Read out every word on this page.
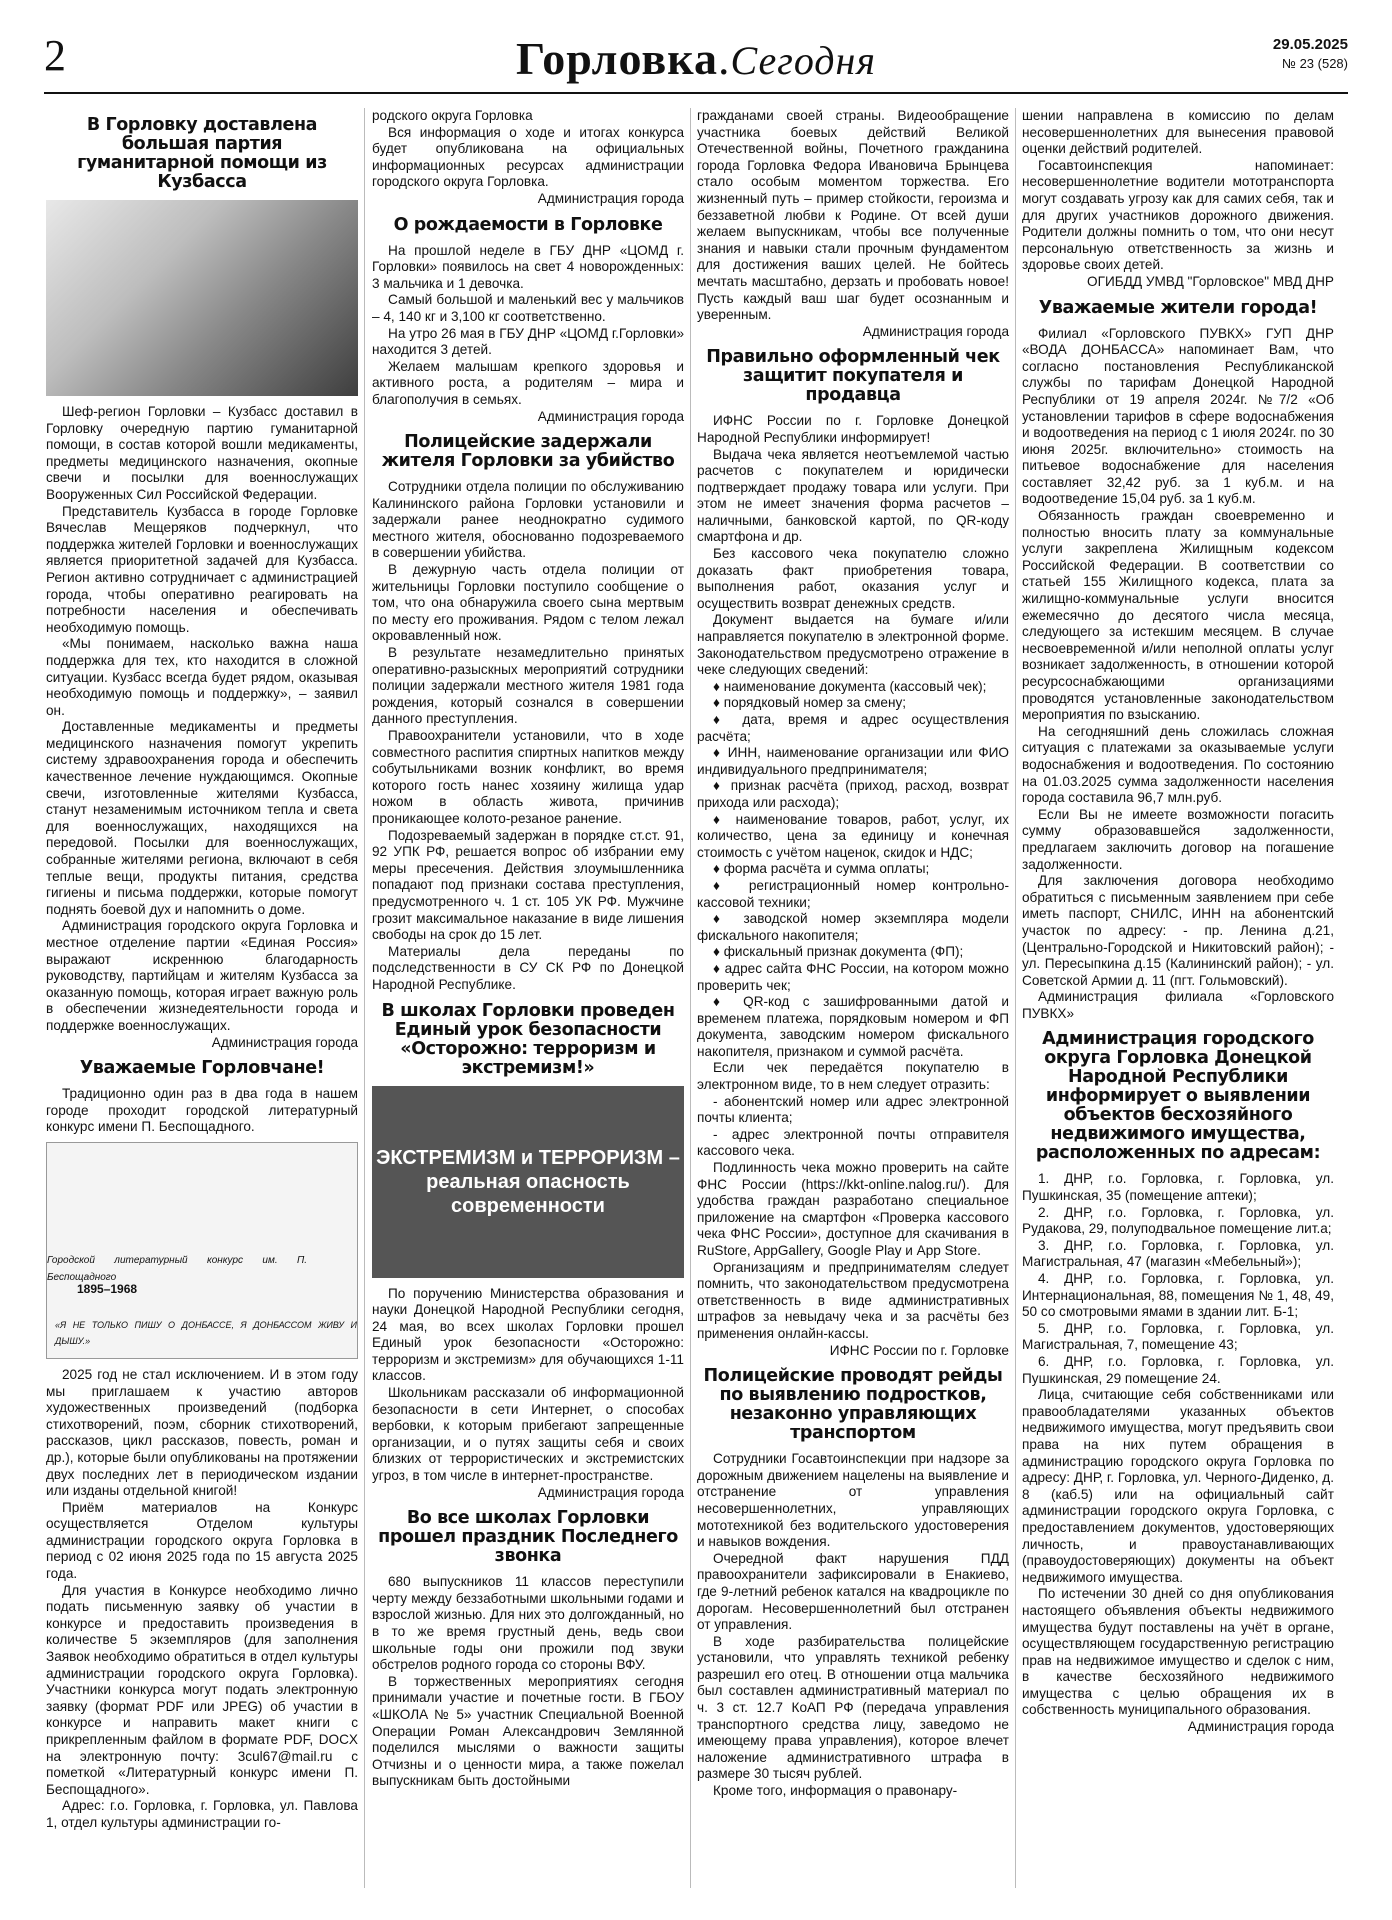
2	Горловка.Сегодня	29.05.2025
№ 23 (528)
В Горловку доставлена большая партия гуманитарной помощи из Кузбасса

Шеф-регион Горловки – Кузбасс доставил в Горловку очередную партию гуманитарной помощи, в состав которой вошли медикаменты, предметы медицинского назначения, окопные свечи и посылки для военнослужащих Вооруженных Сил Российской Федерации.

Представитель Кузбасса в городе Горловке Вячеслав Мещеряков подчеркнул, что поддержка жителей Горловки и военнослужащих является приоритетной задачей для Кузбасса. Регион активно сотрудничает с администрацией города, чтобы оперативно реагировать на потребности населения и обеспечивать необходимую помощь.

«Мы понимаем, насколько важна наша поддержка для тех, кто находится в сложной ситуации. Кузбасс всегда будет рядом, оказывая необходимую помощь и поддержку», – заявил он.

Доставленные медикаменты и предметы медицинского назначения помогут укрепить систему здравоохранения города и обеспечить качественное лечение нуждающимся. Окопные свечи, изготовленные жителями Кузбасса, станут незаменимым источником тепла и света для военнослужащих, находящихся на передовой. Посылки для военнослужащих, собранные жителями региона, включают в себя теплые вещи, продукты питания, средства гигиены и письма поддержки, которые помогут поднять боевой дух и напомнить о доме.

Администрация городского округа Горловка и местное отделение партии «Единая Россия» выражают искреннюю благодарность руководству, партийцам и жителям Кузбасса за оказанную помощь, которая играет важную роль в обеспечении жизнедеятельности города и поддержке военнослужащих.

Администрация города

Уважаемые Горловчане!

Традиционно один раз в два года в нашем городе проходит городской литературный конкурс имени П. Беспощадного.

1895–1968
Городской литературный конкурс им. П. Беспощадного
«Я НЕ ТОЛЬКО ПИШУ О ДОНБАССЕ, Я ДОНБАССОМ ЖИВУ И ДЫШУ.»

2025 год не стал исключением. И в этом году мы приглашаем к участию авторов художественных произведений (подборка стихотворений, поэм, сборник стихотворений, рассказов, цикл рассказов, повесть, роман и др.), которые были опубликованы на протяжении двух последних лет в периодическом издании или изданы отдельной книгой!

Приём материалов на Конкурс осуществляется Отделом культуры администрации городского округа Горловка в период с 02 июня 2025 года по 15 августа 2025 года.

Для участия в Конкурсе необходимо лично подать письменную заявку об участии в конкурсе и предоставить произведения в количестве 5 экземпляров (для заполнения Заявок необходимо обратиться в отдел культуры администрации городского округа Горловка). Участники конкурса могут подать электронную заявку (формат PDF или JPEG) об участии в конкурсе и направить макет книги с прикрепленным файлом в формате PDF, DOCX на электронную почту: 3cul67@mail.ru с пометкой «Литературный конкурс имени П. Беспощадного».

Адрес: г.о. Горловка, г. Горловка, ул. Павлова 1, отдел культуры администрации го-

родского округа Горловка

Вся информация о ходе и итогах конкурса будет опубликована на официальных информационных ресурсах администрации городского округа Горловка.

Администрация города

О рождаемости в Горловке

На прошлой неделе в ГБУ ДНР «ЦОМД г. Горловки» появилось на свет 4 новорожденных: 3 мальчика и 1 девочка.

Самый большой и маленький вес у мальчиков – 4, 140 кг и 3,100 кг соответственно.

На утро 26 мая в ГБУ ДНР «ЦОМД г.Горловки» находится 3 детей.

Желаем малышам крепкого здоровья и активного роста, а родителям – мира и благополучия в семьях.

Администрация города

Полицейские задержали жителя Горловки за убийство

Сотрудники отдела полиции по обслуживанию Калининского района Горловки установили и задержали ранее неоднократно судимого местного жителя, обоснованно подозреваемого в совершении убийства.

В дежурную часть отдела полиции от жительницы Горловки поступило сообщение о том, что она обнаружила своего сына мертвым по месту его проживания. Рядом с телом лежал окровавленный нож.

В результате незамедлительно принятых оперативно-разыскных мероприятий сотрудники полиции задержали местного жителя 1981 года рождения, который сознался в совершении данного преступления.

Правоохранители установили, что в ходе совместного распития спиртных напитков между собутыльниками возник конфликт, во время которого гость нанес хозяину жилища удар ножом в область живота, причинив проникающее колото-резаное ранение.

Подозреваемый задержан в порядке ст.ст. 91, 92 УПК РФ, решается вопрос об избрании ему меры пресечения. Действия злоумышленника попадают под признаки состава преступления, предусмотренного ч. 1 ст. 105 УК РФ. Мужчине грозит максимальное наказание в виде лишения свободы на срок до 15 лет.

Материалы дела переданы по подследственности в СУ СК РФ по Донецкой Народной Республике.

В школах Горловки проведен Единый урок безопасности «Осторожно: терроризм и экстремизм!»
ЭКСТРЕМИЗМ и ТЕРРОРИЗМ – реальная опасность современности

По поручению Министерства образования и науки Донецкой Народной Республики сегодня, 24 мая, во всех школах Горловки прошел Единый урок безопасности «Осторожно: терроризм и экстремизм» для обучающихся 1-11 классов.

Школьникам рассказали об информационной безопасности в сети Интернет, о способах вербовки, к которым прибегают запрещенные организации, и о путях защиты себя и своих близких от террористических и экстремистских угроз, в том числе в интернет-пространстве.

Администрация города

Во все школах Горловки прошел праздник Последнего звонка

680 выпускников 11 классов переступили черту между беззаботными школьными годами и взрослой жизнью. Для них это долгожданный, но в то же время грустный день, ведь свои школьные годы они прожили под звуки обстрелов родного города со стороны ВФУ.

В торжественных мероприятиях сегодня принимали участие и почетные гости. В ГБОУ «ШКОЛА № 5» участник Специальной Военной Операции Роман Александрович Землянной поделился мыслями о важности защиты Отчизны и о ценности мира, а также пожелал выпускникам быть достойными

гражданами своей страны. Видеообращение участника боевых действий Великой Отечественной войны, Почетного гражданина города Горловка Федора Ивановича Брынцева стало особым моментом торжества. Его жизненный путь – пример стойкости, героизма и беззаветной любви к Родине. От всей души желаем выпускникам, чтобы все полученные знания и навыки стали прочным фундаментом для достижения ваших целей. Не бойтесь мечтать масштабно, дерзать и пробовать новое! Пусть каждый ваш шаг будет осознанным и уверенным.

Администрация города

Правильно оформленный чек защитит покупателя и продавца

ИФНС России по г. Горловке Донецкой Народной Республики информирует!

Выдача чека является неотъемлемой частью расчетов с покупателем и юридически подтверждает продажу товара или услуги. При этом не имеет значения форма расчетов – наличными, банковской картой, по QR-коду смартфона и др.

Без кассового чека покупателю сложно доказать факт приобретения товара, выполнения работ, оказания услуг и осуществить возврат денежных средств.

Документ выдается на бумаге и/или направляется покупателю в электронной форме. Законодательством предусмотрено отражение в чеке следующих сведений:

♦ наименование документа (кассовый чек);

♦ порядковый номер за смену;

♦ дата, время и адрес осуществления расчёта;

♦ ИНН, наименование организации или ФИО индивидуального предпринимателя;

♦ признак расчёта (приход, расход, возврат прихода или расхода);

♦ наименование товаров, работ, услуг, их количество, цена за единицу и конечная стоимость с учётом наценок, скидок и НДС;

♦ форма расчёта и сумма оплаты;

♦ регистрационный номер контрольно-кассовой техники;

♦ заводской номер экземпляра модели фискального накопителя;

♦ фискальный признак документа (ФП);

♦ адрес сайта ФНС России, на котором можно проверить чек;

♦ QR-код с зашифрованными датой и временем платежа, порядковым номером и ФП документа, заводским номером фискального накопителя, признаком и суммой расчёта.

Если чек передаётся покупателю в электронном виде, то в нем следует отразить:

- абонентский номер или адрес электронной почты клиента;

- адрес электронной почты отправителя кассового чека.

Подлинность чека можно проверить на сайте ФНС России (https://kkt-online.nalog.ru/). Для удобства граждан разработано специальное приложение на смартфон «Проверка кассового чека ФНС России», доступное для скачивания в RuStore, AppGallery, Google Play и App Store.

Организациям и предпринимателям следует помнить, что законодательством предусмотрена ответственность в виде административных штрафов за невыдачу чека и за расчёты без применения онлайн-кассы.

ИФНС России по г. Горловке

Полицейские проводят рейды по выявлению подростков, незаконно управляющих транспортом

Сотрудники Госавтоинспекции при надзоре за дорожным движением нацелены на выявление и отстранение от управления несовершеннолетних, управляющих мототехникой без водительского удостоверения и навыков вождения.

Очередной факт нарушения ПДД правоохранители зафиксировали в Енакиево, где 9-летний ребенок катался на квадроцикле по дорогам. Несовершеннолетний был отстранен от управления.

В ходе разбирательства полицейские установили, что управлять техникой ребенку разрешил его отец. В отношении отца мальчика был составлен административный материал по ч. 3 ст. 12.7 КоАП РФ (передача управления транспортного средства лицу, заведомо не имеющему права управления), которое влечет наложение административного штрафа в размере 30 тысяч рублей.

Кроме того, информация о правонару-

шении направлена в комиссию по делам несовершеннолетних для вынесения правовой оценки действий родителей.

Госавтоинспекция напоминает: несовершеннолетние водители мототранспорта могут создавать угрозу как для самих себя, так и для других участников дорожного движения. Родители должны помнить о том, что они несут персональную ответственность за жизнь и здоровье своих детей.

ОГИБДД УМВД "Горловское" МВД ДНР

Уважаемые жители города!

Филиал «Горловского ПУВКХ» ГУП ДНР «ВОДА ДОНБАССА» напоминает Вам, что согласно постановления Республиканской службы по тарифам Донецкой Народной Республики от 19 апреля 2024г. №7/2 «Об установлении тарифов в сфере водоснабжения и водоотведения на период с 1 июля 2024г. по 30 июня 2025г. включительно» стоимость на питьевое водоснабжение для населения составляет 32,42 руб. за 1 куб.м. и на водоотведение 15,04 руб. за 1 куб.м.

Обязанность граждан своевременно и полностью вносить плату за коммунальные услуги закреплена Жилищным кодексом Российской Федерации. В соответствии со статьей 155 Жилищного кодекса, плата за жилищно-коммунальные услуги вносится ежемесячно до десятого числа месяца, следующего за истекшим месяцем. В случае несвоевременной и/или неполной оплаты услуг возникает задолженность, в отношении которой ресурсоснабжающими организациями проводятся установленные законодательством мероприятия по взысканию.

На сегодняшний день сложилась сложная ситуация с платежами за оказываемые услуги водоснабжения и водоотведения. По состоянию на 01.03.2025 сумма задолженности населения города составила 96,7 млн.руб.

Если Вы не имеете возможности погасить сумму образовавшейся задолженности, предлагаем заключить договор на погашение задолженности.

Для заключения договора необходимо обратиться с письменным заявлением при себе иметь паспорт, СНИЛС, ИНН на абонентский участок по адресу: - пр. Ленина д.21, (Центрально-Городской и Никитовский район); - ул. Пересыпкина д.15 (Калининский район); - ул. Советской Армии д. 11 (пгт. Гольмовский).

Администрация филиала «Горловского ПУВКХ»

Администрация городского округа Горловка Донецкой Народной Республики информирует о выявлении объектов бесхозяйного недвижимого имущества, расположенных по адресам:

1. ДНР, г.о. Горловка, г. Горловка, ул. Пушкинская, 35 (помещение аптеки);

2. ДНР, г.о. Горловка, г. Горловка, ул. Рудакова, 29, полуподвальное помещение лит.а;

3. ДНР, г.о. Горловка, г. Горловка, ул. Магистральная, 47 (магазин «Мебельный»);

4. ДНР, г.о. Горловка, г. Горловка, ул. Интернациональная, 88, помещения № 1, 48, 49, 50 со смотровыми ямами в здании лит. Б-1;

5. ДНР, г.о. Горловка, г. Горловка, ул. Магистральная, 7, помещение 43;

6. ДНР, г.о. Горловка, г. Горловка, ул. Пушкинская, 29 помещение 24.

Лица, считающие себя собственниками или правообладателями указанных объектов недвижимого имущества, могут предъявить свои права на них путем обращения в администрацию городского округа Горловка по адресу: ДНР, г. Горловка, ул. Черного-Диденко, д. 8 (каб.5) или на официальный сайт администрации городского округа Горловка, с предоставлением документов, удостоверяющих личность, и правоустанавливающих (правоудостоверяющих) документы на объект недвижимого имущества.

По истечении 30 дней со дня опубликования настоящего объявления объекты недвижимого имущества будут поставлены на учёт в органе, осуществляющем государственную регистрацию прав на недвижимое имущество и сделок с ним, в качестве бесхозяйного недвижимого имущества с целью обращения их в собственность муниципального образования.

Администрация города
